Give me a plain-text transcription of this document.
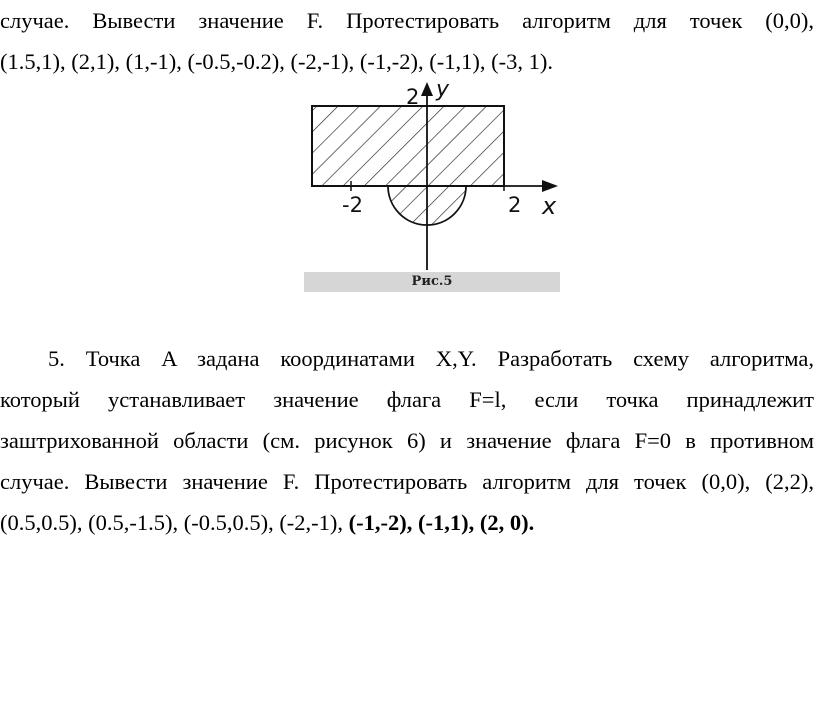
случае. Вывести значение F. Протестировать алгоритм для точек (0,0),
(1.5,1), (2,1), (1,-1), (-0.5,-0.2), (-2,-1), (-1,-2), (-1,1), (-3, 1).
2 y
-2	2 x
Рис.5
5. Точка A задана координатами X,Y. Разработать схему алгоритма,
который устанавливает значение флага F=l, если точка принадлежит
заштрихованной области (см. рисунок 6) и значение флага F=0 в противном
случае. Вывести значение F. Протестировать алгоритм для точек (0,0), (2,2),
(0.5,0.5), (0.5,-1.5), (-0.5,0.5), (-2,-1), (-1,-2), (-1,1), (2, 0).
